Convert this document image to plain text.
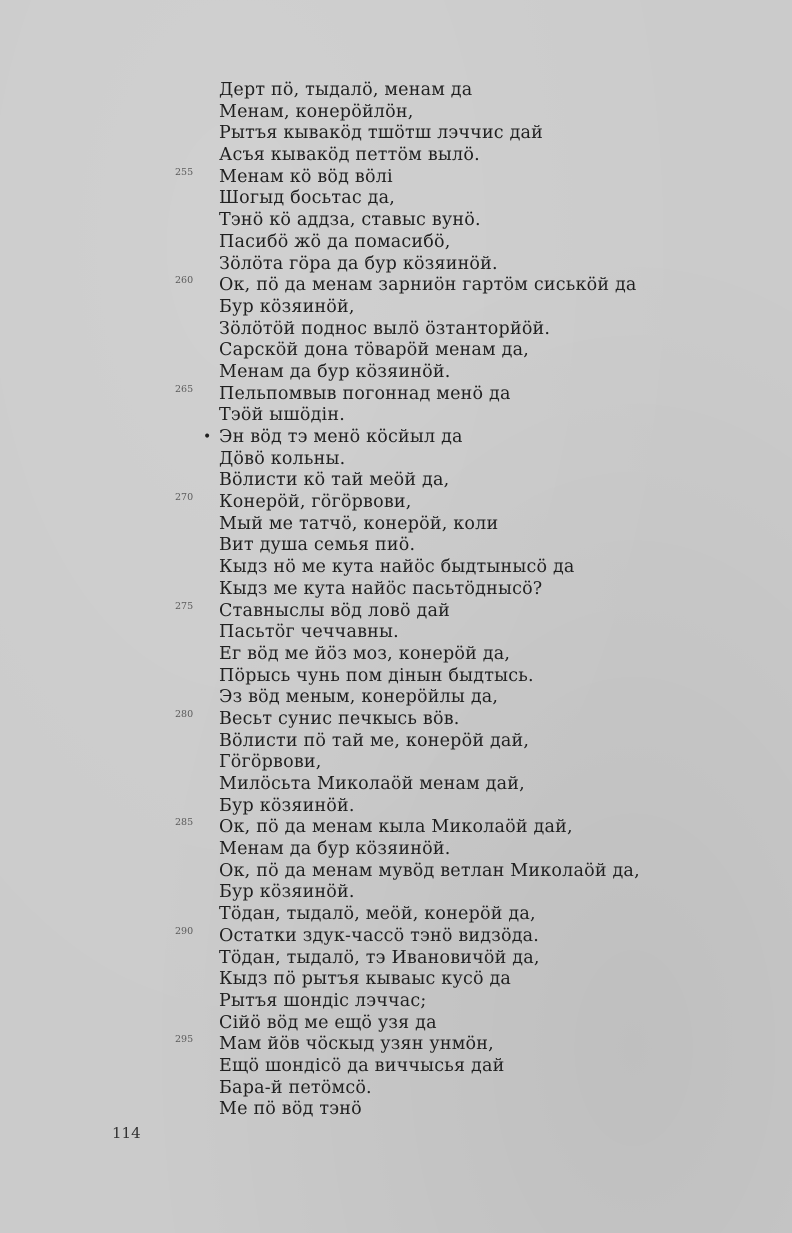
Дерт пӧ, тыдалӧ, менам да
Менам, конерӧйлӧн,
Рытъя кывакӧд тшӧтш лэччис дай
Асъя кывакӧд петтӧм вылӧ.
255 Менам кӧ вӧд вӧлі
Шогыд босьтас да,
Тэнӧ кӧ аддза, ставыс вунӧ.
Пасибӧ жӧ да помасибӧ,
Зӧлӧта гӧра да бур кӧзяинӧй.
260 Ок, пӧ да менам зарниӧн гартӧм сиськӧй да
Бур кӧзяинӧй,
Зӧлӧтӧй поднос вылӧ ӧзтанторйӧй.
Сарскӧй дона тӧварӧй менам да,
Менам да бур кӧзяинӧй.
265 Пельпомвыв погоннад менӧ да
Тэӧй ышӧдін.
• Эн вӧд тэ менӧ кӧсйыл да
Дӧвӧ кольны.
Вӧлисти кӧ тай меӧй да,
270 Конерӧй, гӧгӧрвови,
Мый ме татчӧ, конерӧй, коли
Вит душа семья пиӧ.
Кыдз нӧ ме кута найӧс быдтынысӧ да
Кыдз ме кута найӧс пасьтӧднысӧ?
275 Ставныслы вӧд ловӧ дай
Пасьтӧг чеччавны.
Ег вӧд ме йӧз моз, конерӧй да,
Пӧрысь чунь пом дiнын быдтысь.
Эз вӧд меным, конерӧйлы да,
280 Весьт сунис печкысь вӧв.
Вӧлисти пӧ тай ме, конерӧй дай,
Гӧгӧрвови,
Милӧсьта Миколаӧй менам дай,
Бур кӧзяинӧй.
285 Ок, пӧ да менам кыла Миколаӧй дай,
Менам да бур кӧзяинӧй.
Ок, пӧ да менам мувӧд ветлан Миколаӧй да,
Бур кӧзяинӧй.
Тӧдан, тыдалӧ, меӧй, конерӧй да,
290 Остатки здук-чассӧ тэнӧ видзӧда.
Тӧдан, тыдалӧ, тэ Ивановичӧй да,
Кыдз пӧ рытъя кываыс кусӧ да
Рытъя шондiс лэччас;
Сiйӧ вӧд ме ещӧ узя да
295 Мам йӧв чӧскыд узян унмӧн,
Ещӧ шондiсӧ да виччысья дай
Бара-й петӧмсӧ.
Ме пӧ вӧд тэнӧ
114
